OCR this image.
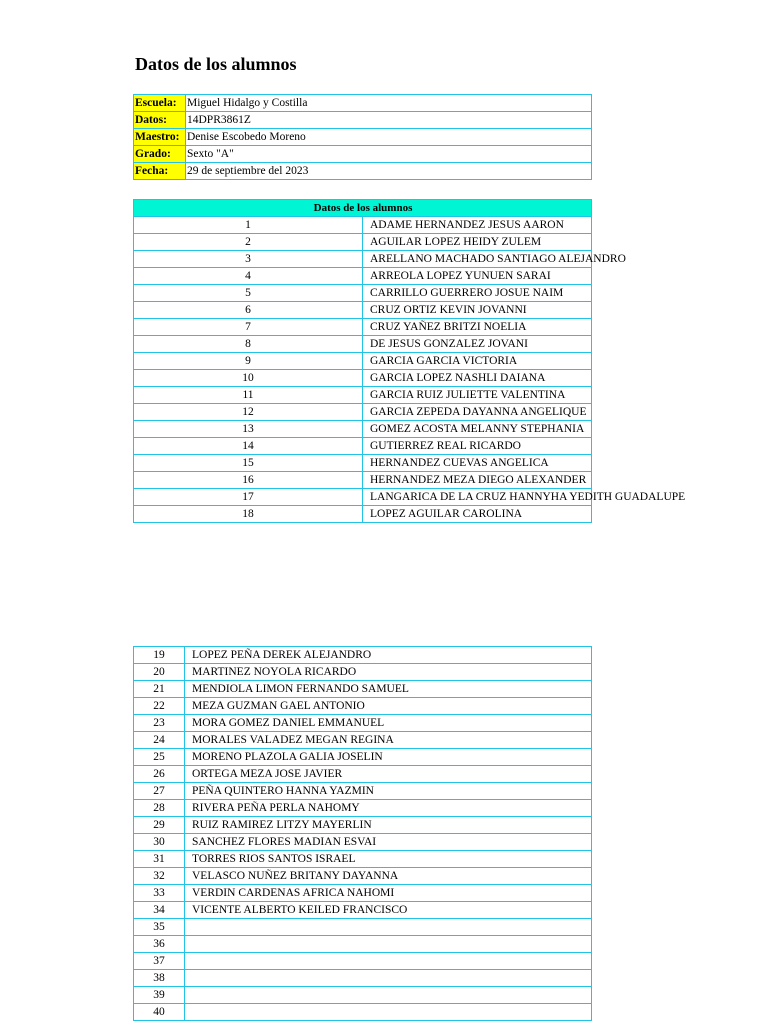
Datos de los alumnos
Escuela:	Miguel Hidalgo y Costilla
Datos:	14DPR3861Z
Maestro:	Denise Escobedo Moreno
Grado:	Sexto "A"
Fecha:	29 de septiembre del 2023
Datos de los alumnos	
1	ADAME HERNANDEZ JESUS AARON
2	AGUILAR LOPEZ HEIDY ZULEM
3	ARELLANO MACHADO SANTIAGO ALEJANDRO
4	ARREOLA LOPEZ YUNUEN SARAI
5	CARRILLO GUERRERO JOSUE NAIM
6	CRUZ ORTIZ KEVIN JOVANNI
7	CRUZ YAÑEZ BRITZI NOELIA
8	DE JESUS GONZALEZ JOVANI
9	GARCIA GARCIA VICTORIA
10	GARCIA LOPEZ NASHLI DAIANA
11	GARCIA RUIZ JULIETTE VALENTINA
12	GARCIA ZEPEDA DAYANNA ANGELIQUE
13	GOMEZ ACOSTA MELANNY STEPHANIA
14	GUTIERREZ REAL RICARDO
15	HERNANDEZ CUEVAS ANGELICA
16	HERNANDEZ MEZA DIEGO ALEXANDER
17	LANGARICA DE LA CRUZ HANNYHA YEDITH GUADALUPE
18	LOPEZ AGUILAR CAROLINA
19	LOPEZ PEÑA DEREK ALEJANDRO
20	MARTINEZ NOYOLA RICARDO
21	MENDIOLA LIMON FERNANDO SAMUEL
22	MEZA GUZMAN GAEL ANTONIO
23	MORA GOMEZ DANIEL EMMANUEL
24	MORALES VALADEZ MEGAN REGINA
25	MORENO PLAZOLA GALIA JOSELIN
26	ORTEGA MEZA JOSE JAVIER
27	PEÑA QUINTERO HANNA YAZMIN
28	RIVERA PEÑA PERLA NAHOMY
29	RUIZ RAMIREZ LITZY MAYERLIN
30	SANCHEZ FLORES MADIAN ESVAI
31	TORRES RIOS SANTOS ISRAEL
32	VELASCO NUÑEZ BRITANY DAYANNA
33	VERDIN CARDENAS AFRICA NAHOMI
34	VICENTE ALBERTO KEILED FRANCISCO
35	
36	
37	
38	
39	
40	
